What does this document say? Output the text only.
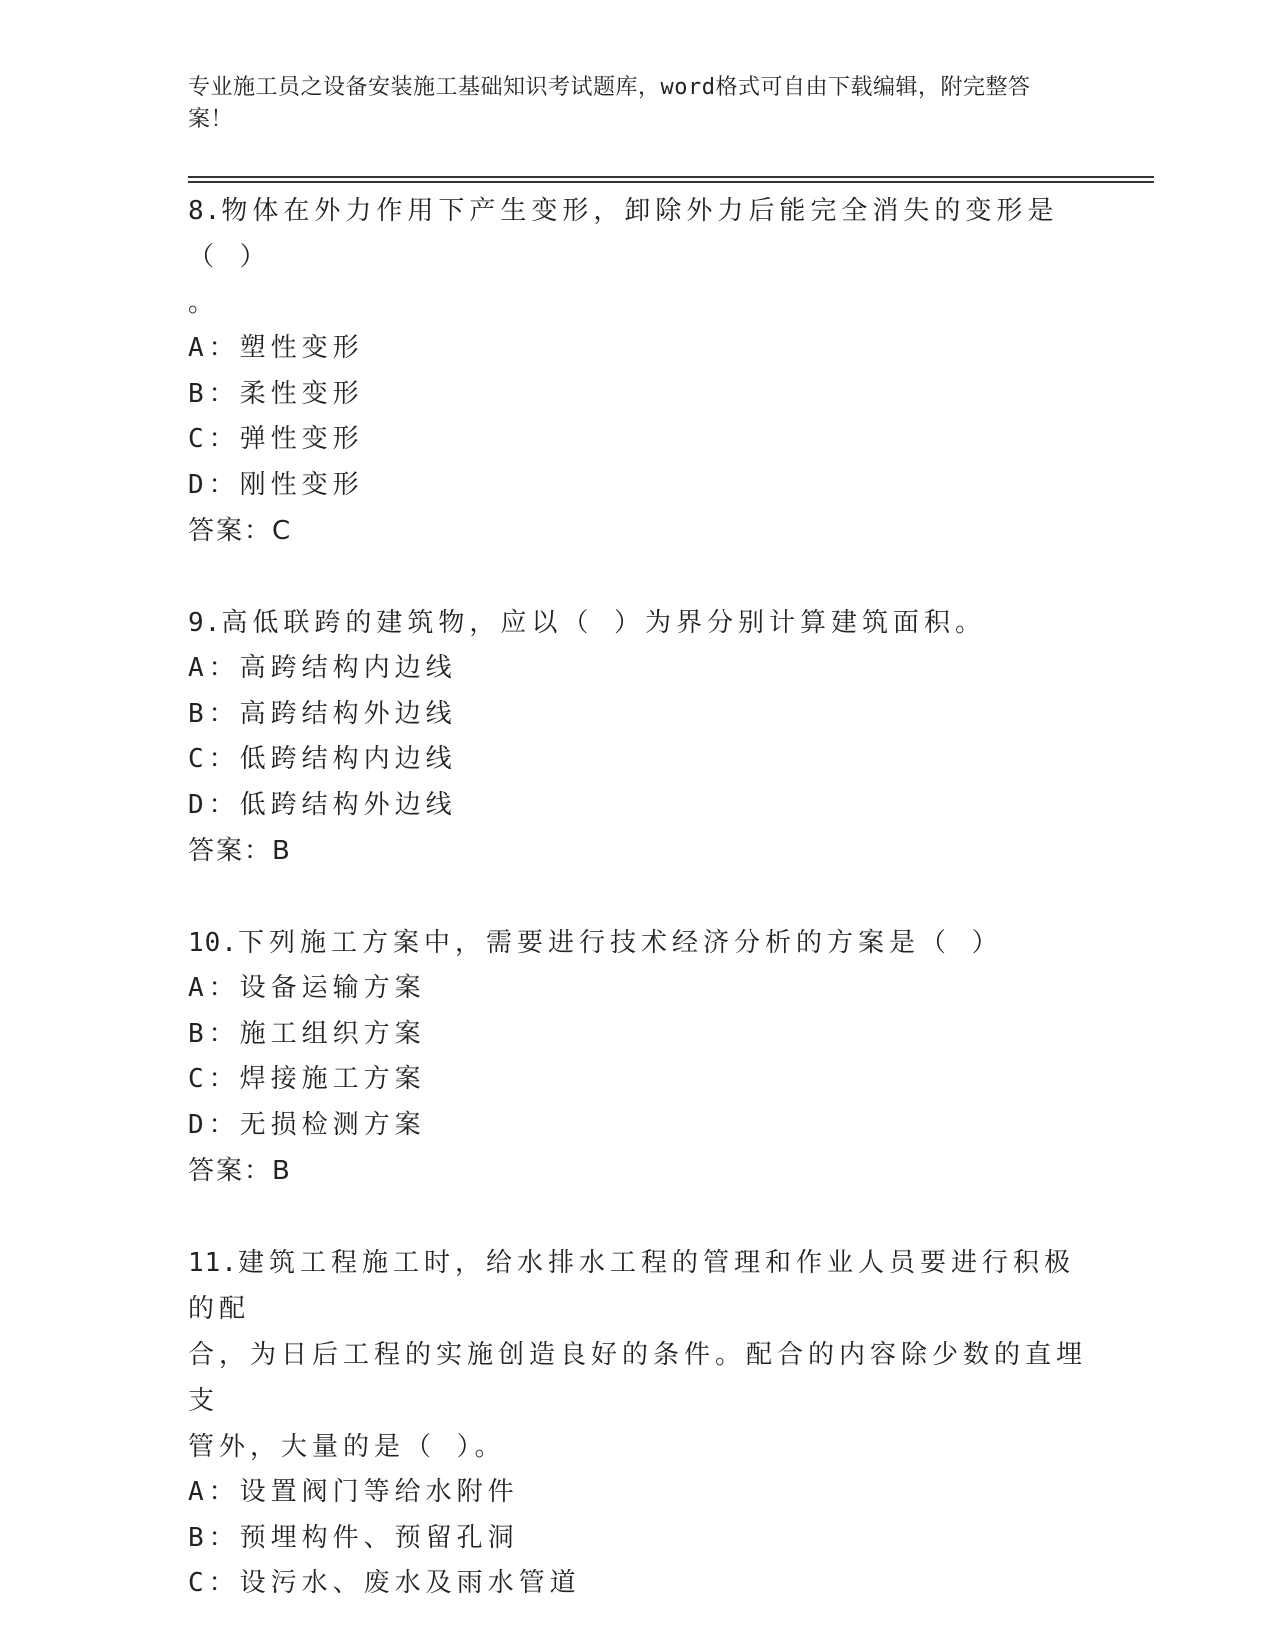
专业施工员之设备安装施工基础知识考试题库，word格式可自由下载编辑，附完整答案！

8.物体在外力作用下产生变形，卸除外力后能完全消失的变形是（ ）

。

A：塑性变形

B：柔性变形

C：弹性变形

D：刚性变形

答案：C

9.高低联跨的建筑物，应以（ ）为界分别计算建筑面积。

A：高跨结构内边线

B：高跨结构外边线

C：低跨结构内边线

D：低跨结构外边线

答案：B

10.下列施工方案中，需要进行技术经济分析的方案是（ ）

A：设备运输方案

B：施工组织方案

C：焊接施工方案

D：无损检测方案

答案：B

11.建筑工程施工时，给水排水工程的管理和作业人员要进行积极的配

合，为日后工程的实施创造良好的条件。配合的内容除少数的直埋支

管外，大量的是（ ）。

A：设置阀门等给水附件

B：预埋构件、预留孔洞

C：设污水、废水及雨水管道
